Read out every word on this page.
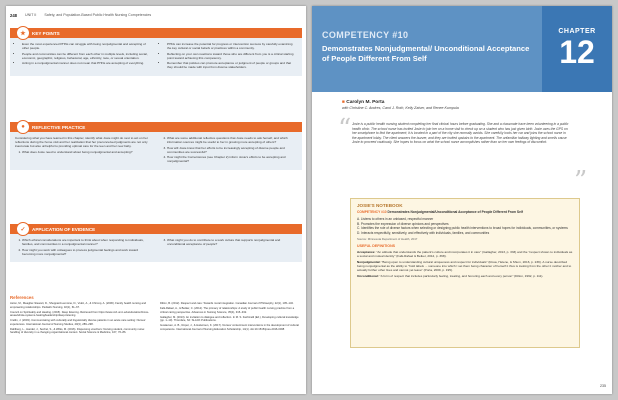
248 UNIT II Safety, and Population-Based Public Health Nursing Competencies
★	KEY POINTS
• Even the most experienced PHNs can struggle with being nonjudgmental and accepting of other people.
• People and communities can be different from each other in multiple levels, including social, economic, geographic, religious, behavioral, age, ethnicity, race, or sexual orientation.
• Acting in a nonjudgmental manner does not mean that PHNs are accepting of everything.
• PHNs can increase the potential for progress or intervention success by carefully examining the key cultural or social beliefs or practices within a community.
• Reflecting on your own reactions toward those who are different from you is a critical starting point toward achieving this competency.
• Remember that policies can promote acceptance or judgment of people or groups and that they should be made with input from diverse stakeholders.
●	REFLECTIVE PRACTICE
Considering what you have learned in this chapter, identify what Josie might do next to act on her reflections during the home visit and her realization that her preconceived judgments are not only inaccurate but also unhelpful to providing optimal care for the teen and her new baby.
1. What does Josie need to understand about being nonjudgmental and accepting?
2. What are some additional reflective questions that Josie needs to ask herself, and which information sources might be useful to her in growing more accepting of others?
3. How will Josie know that her efforts to be increasingly accepting of diverse people and communities are successful?
4. How might the Cornerstones (see Chapter 2) inform Josie's efforts to be accepting and nonjudgmental?
✓	APPLICATION OF EVIDENCE
1. Which ethical considerations are important to think about when responding to individuals, families, and communities in a nonjudgmental manner?
2. How might you work with colleagues to process judgmental feelings and work toward becoming more nonjudgmental?
3. What might you do to contribute to a work culture that supports nonjudgmental and unconditional acceptance of people?
References

Aston, M., Meagher-Stewart, D., Sheppard-Lemoine, D., Vukic, A., & Chircop, A. (2006). Family health nursing and empowering relationships. Pediatric Nursing, 32(1), 61–67.

Council on Spirituality and Healing. (2015). Deep listening. Retrieved from https://www.csh.umn.edu/education/focus-areas/whole-systems-healing/leadership/deep-listening

Crellin, J. (2003). Communicating with culturally and linguistically diverse patients in an acute care setting: Nurses' experiences. International Journal of Nursing Studies, 40(3), 289–298.

Dahlberg, L., Handel, J., Sechel, S., & Wilks, M. (2016). Dispensing vouchers: Nursing student, community nurse: handling of diversity in a changing organizational context. Social Science & Medicine, 167, 76–86.

Dillon, B. (2012). Respect and care: Towards moral integration. Canadian Journal of Philosophy, 22(1), 105–132.

Falk-Rafael, A., & Betker, C. (2012). The primacy of relationships: A study of public health nursing practice from a critical caring perspective. Advances in Nursing Science, 35(4), 315–332.

Gallagher, M. (2013). An invitation to dialogue and reflection. In M. S. Fachinelli (Ed.), Developing cultural knowledge (pp. 1–10). Thorofare, NJ: SLACK Publications.

Gustavsen, A. B., Roper, J., & Halvorsen, K. (2017). Nurses' contentment interventions in the development of cultural competence. International Journal of Nursing Education Scholarship, 14(1). doi:10.1515/ijnes-2016-0038

COMPETENCY #10
Demonstrates Nonjudgmental/ Unconditional Acceptance of People Different From Self
CHAPTER
12
■ Carolyn M. Porta
with Christine C. Andres, Carol J. Roth, Kelly Zaiser, and Renee Kumpula
“ Josie is a public health nursing student completing her final clinical hours before graduating. She and a classmate have been volunteering in a public health clinic. The school nurse has invited Josie to join her on a home visit to check up on a student who has just given birth. Josie uses the GPS on her smartphone to find the apartment; it is located in a part of the city she normally avoids. She carefully locks her car and joins the school nurse in the apartment lobby. The client answers the buzzer, and they are invited upstairs to the apartment. The unfamiliar hallway lighting and smells cause Josie to proceed cautiously. She hopes to focus on what the school nurse accomplishes rather than on her own feelings of discomfort.
”
JOSIE'S NOTEBOOK
COMPETENCY #10 Demonstrates Nonjudgmental/Unconditional Acceptance of People Different From Self
A. Listens to others in an unbiased, respectful manner
B. Promotes the expression of diverse opinions and perspectives
C. Identifies the role of diverse factors when selecting or designing public health interventions to broad hopes for individuals, communities, or systems
D. Interacts respectfully, sensitively, and effectively with individuals, families, and communities
Source: Minnesota Department of Health, 2017
USEFUL DEFINITIONS
Acceptance: "An attitude that understands the patient's culture and incorporates it in care" (Gallagher, 2013, p. 333) and the "respect shown to individuals as a social and mutual identity" (Falk-Rafael & Betker, 2012, p. 368).
Nonjudgmental: "Being open to understanding cultural uniqueness and respect for individuals" (Rosa, Helene, & Shum, 2016, p. 239). A nurse described being nonjudgmental as the ability to "hold labels ... someone into which I set them being character of herself it thus is looking from the other it mother and to actually further other lives and cannot yet leave" (Porta, 2009, p. 195).
Unconditional: "A form of respect that includes particularly feeling, treating, and honoring each and every person" (Dillon, 1992, p. 111).
235
